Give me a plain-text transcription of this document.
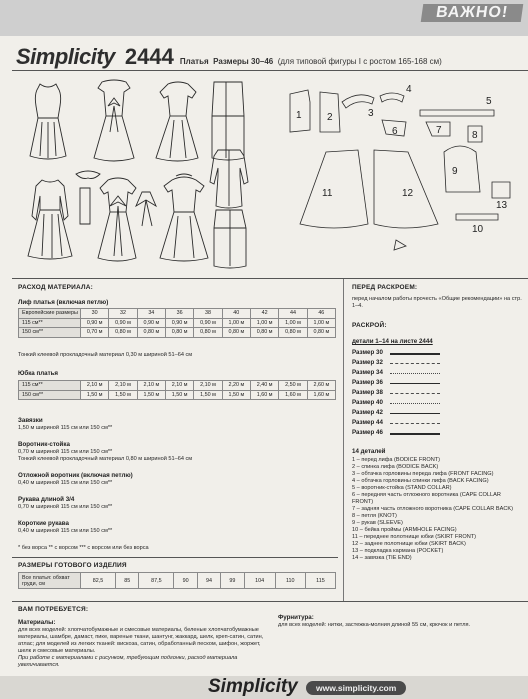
ВАЖНО!
Simplicity 2444 Платья Размеры 30–46 (для типовой фигуры I с ростом 165-168 см)
1	2	3
4
5
6	7	8
9
10
11	12
13
РАСХОД МАТЕРИАЛА:
Лиф платья (включая петлю)
Европейские размеры	30	32	34	36	38	40	42	44	46
115 см**	0,90 м	0,90 м	0,90 м	0,90 м	0,90 м	1,00 м	1,00 м	1,00 м	1,00 м
150 см**	0,70 м	0,80 м	0,80 м	0,80 м	0,80 м	0,80 м	0,80 м	0,80 м	0,80 м
Тонкий клеевой прокладочный материал 0,30 м шириной 51–64 см
Юбка платья
115 см**	2,10 м	2,10 м	2,10 м	2,10 м	2,10 м	2,20 м	2,40 м	2,50 м	2,60 м
150 см**	1,50 м	1,50 м	1,50 м	1,50 м	1,50 м	1,50 м	1,60 м	1,60 м	1,60 м
Завязки
1,50 м шириной 115 см или 150 см**
Воротник-стойка
0,70 м шириной 115 см или 150 см**
Тонкий клеевой прокладочный материал 0,80 м шириной 51–64 см
Отложной воротник (включая петлю)
0,40 м шириной 115 см или 150 см**
Рукава длиной 3/4
0,70 м шириной 115 см или 150 см**
Короткие рукава
0,40 м шириной 115 см или 150 см**
* без ворса ** с ворсом *** с ворсом или без ворса
РАЗМЕРЫ ГОТОВОГО ИЗДЕЛИЯ
Все платья: обхват груди, см	82,5	85	87,5	90	94	99	104	110	115
ВАМ ПОТРЕБУЕТСЯ:
Материалы:
для всех моделей: хлопчатобумажные и смесовые материалы, беленые хлопчатобумажные материалы, шамбре, дамаст, пике, вареные ткани, шантунг, жаккард, шелк, креп-сатин, сатин, атлас; для моделей из легких тканей: вискоза, сатин, обработанный песком, шифон, жоржет, шелк и смесовые материалы.
При работе с материалами с рисунком, требующим подгонки, расход материала увеличивается.
Фурнитура:
для всех моделей: нитки, застежка-молния длиной 55 см, крючок и петля.
ПЕРЕД РАСКРОЕМ:
перед началом работы прочесть «Общие рекомендации» на стр. 1–4.
РАСКРОЙ:
детали 1–14 на листе 2444
Размер 30
Размер 32
Размер 34
Размер 36
Размер 38
Размер 40
Размер 42
Размер 44
Размер 46
14 деталей
1 – перед лифа (BODICE FRONT)
2 – спинка лифа (BODICE BACK)
3 – обтачка горловины переда лифа (FRONT FACING)
4 – обтачка горловины спинки лифа (BACK FACING)
5 – воротник-стойка (STAND COLLAR)
6 – передняя часть отложного воротника (CAPE COLLAR FRONT)
7 – задняя часть отложного воротника (CAPE COLLAR BACK)
8 – петля (KNOT)
9 – рукав (SLEEVE)
10 – бейка проймы (ARMHOLE FACING)
11 – переднее полотнище юбки (SKIRT FRONT)
12 – заднее полотнище юбки (SKIRT BACK)
13 – подкладка кармана (POCKET)
14 – завязка (TIE END)
Simplicity	www.simplicity.com
